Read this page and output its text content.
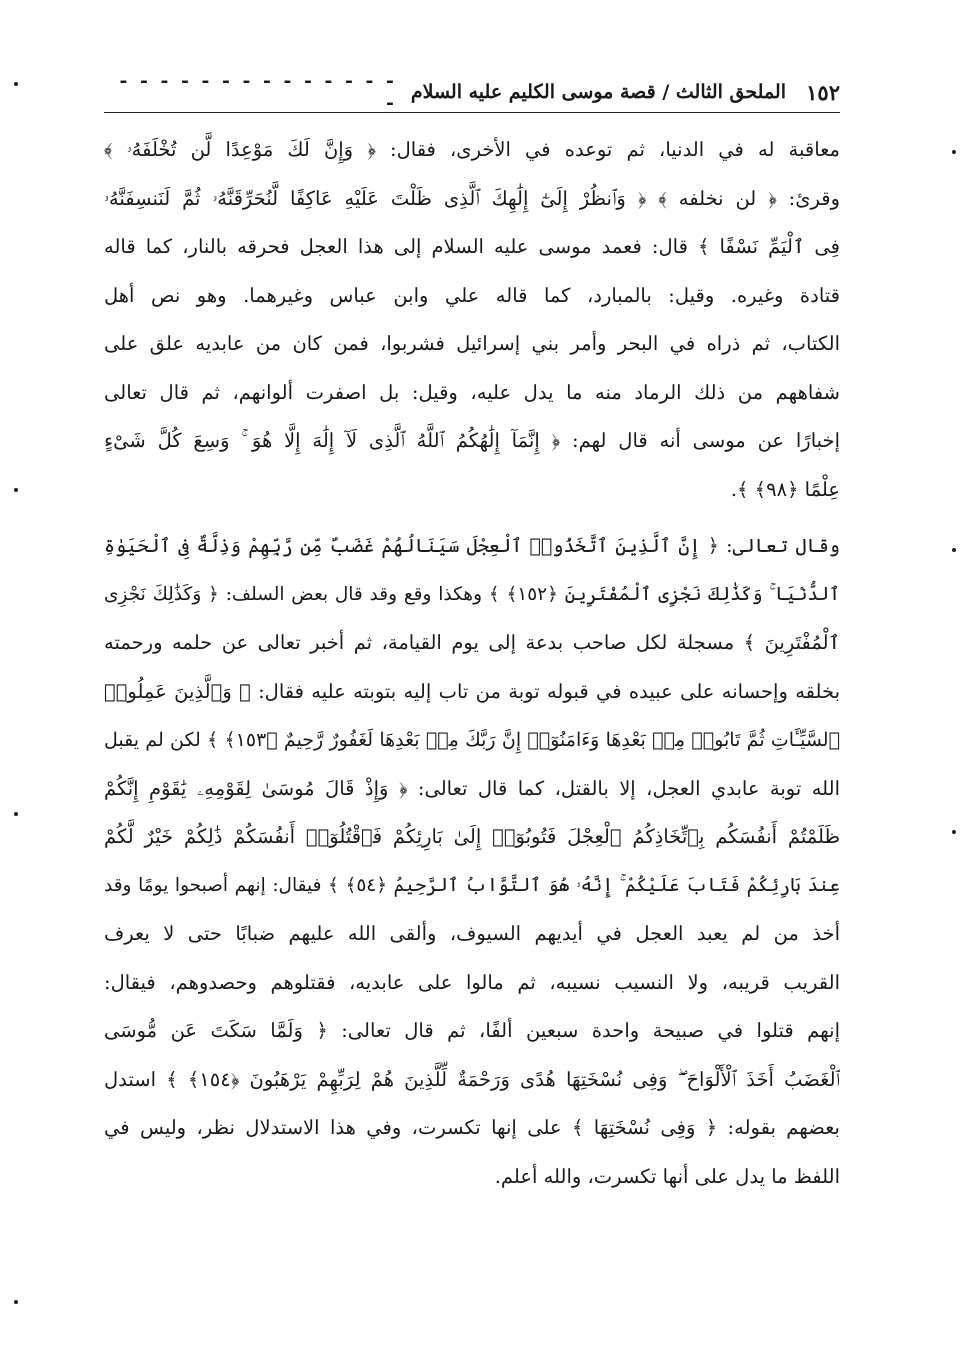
١٥٢
الملحق الثالث / قصة موسى الكليم عليه السلام
- - - - - - - - - - - - - - -
معاقبة له في الدنيا، ثم توعده في الأخرى، فقال: ﴿ وَإِنَّ لَكَ مَوْعِدًا لَّن تُخْلَفَهُۥ ﴾
وقرئ: ﴿ لن نخلفه ﴾ ﴿ وَٱنظُرْ إِلَىٰٓ إِلَٰهِكَ ٱلَّذِى ظَلْتَ عَلَيْهِ عَاكِفًا لَّنُحَرِّقَنَّهُۥ ثُمَّ لَنَنسِفَنَّهُۥ
فِى ٱلْيَمِّ نَسْفًا ﴾ قال: فعمد موسى عليه السلام إلى هذا العجل فحرقه بالنار، كما قاله
قتادة وغيره. وقيل: بالمبارد، كما قاله علي وابن عباس وغيرهما. وهو نص أهل
الكتاب، ثم ذراه في البحر وأمر بني إسرائيل فشربوا، فمن كان من عابديه علق على
شفاههم من ذلك الرماد منه ما يدل عليه، وقيل: بل اصفرت ألوانهم، ثم قال تعالى
إخبارًا عن موسى أنه قال لهم: ﴿ إِنَّمَآ إِلَٰهُكُمُ ٱللَّهُ ٱلَّذِى لَآ إِلَٰهَ إِلَّا هُوَ ۚ وَسِعَ كُلَّ شَىْءٍ
عِلْمًا ﴿٩٨﴾ ﴾.
وقال تعالى: ﴿ إِنَّ ٱلَّذِينَ ٱتَّخَذُوا۟ ٱلْعِجْلَ سَيَنَالُهُمْ غَضَبٌ مِّن رَّبِّهِمْ وَذِلَّةٌ فِى ٱلْحَيَوٰةِ
ٱلدُّنْيَا ۚ وَكَذَٰلِكَ نَجْزِى ٱلْمُفْتَرِينَ ﴿١٥٢﴾ ﴾ وهكذا وقع وقد قال بعض السلف: ﴿ وَكَذَٰلِكَ نَجْزِى
ٱلْمُفْتَرِينَ ﴾ مسجلة لكل صاحب بدعة إلى يوم القيامة، ثم أخبر تعالى عن حلمه ورحمته
بخلقه وإحسانه على عبيده في قبوله توبة من تاب إليه بتوبته عليه فقال: ﴿ وَٱلَّذِينَ عَمِلُوا۟
ٱلسَّيِّـَٔاتِ ثُمَّ تَابُوا۟ مِنۢ بَعْدِهَا وَءَامَنُوٓا۟ إِنَّ رَبَّكَ مِنۢ بَعْدِهَا لَغَفُورٌ رَّحِيمٌ ﴿١٥٣﴾ ﴾ لكن لم يقبل
الله توبة عابدي العجل، إلا بالقتل، كما قال تعالى: ﴿ وَإِذْ قَالَ مُوسَىٰ لِقَوْمِهِۦ يَٰقَوْمِ إِنَّكُمْ
ظَلَمْتُمْ أَنفُسَكُم بِٱتِّخَاذِكُمُ ٱلْعِجْلَ فَتُوبُوٓا۟ إِلَىٰ بَارِئِكُمْ فَٱقْتُلُوٓا۟ أَنفُسَكُمْ ذَٰلِكُمْ خَيْرٌ لَّكُمْ
عِندَ بَارِئِكُمْ فَتَابَ عَلَيْكُمْ ۚ إِنَّهُۥ هُوَ ٱلتَّوَّابُ ٱلرَّحِيمُ ﴿٥٤﴾ ﴾ فيقال: إنهم أصبحوا يومًا وقد
أخذ من لم يعبد العجل في أيديهم السيوف، وألقى الله عليهم ضبابًا حتى لا يعرف
القريب قريبه، ولا النسيب نسيبه، ثم مالوا على عابديه، فقتلوهم وحصدوهم، فيقال:
إنهم قتلوا في صبيحة واحدة سبعين ألفًا، ثم قال تعالى: ﴿ وَلَمَّا سَكَتَ عَن مُّوسَى
ٱلْغَضَبُ أَخَذَ ٱلْأَلْوَاحَ ۖ وَفِى نُسْخَتِهَا هُدًى وَرَحْمَةٌ لِّلَّذِينَ هُمْ لِرَبِّهِمْ يَرْهَبُونَ ﴿١٥٤﴾ ﴾ استدل
بعضهم بقوله: ﴿ وَفِى نُسْخَتِهَا ﴾ على إنها تكسرت، وفي هذا الاستدلال نظر، وليس في
اللفظ ما يدل على أنها تكسرت، والله أعلم.
